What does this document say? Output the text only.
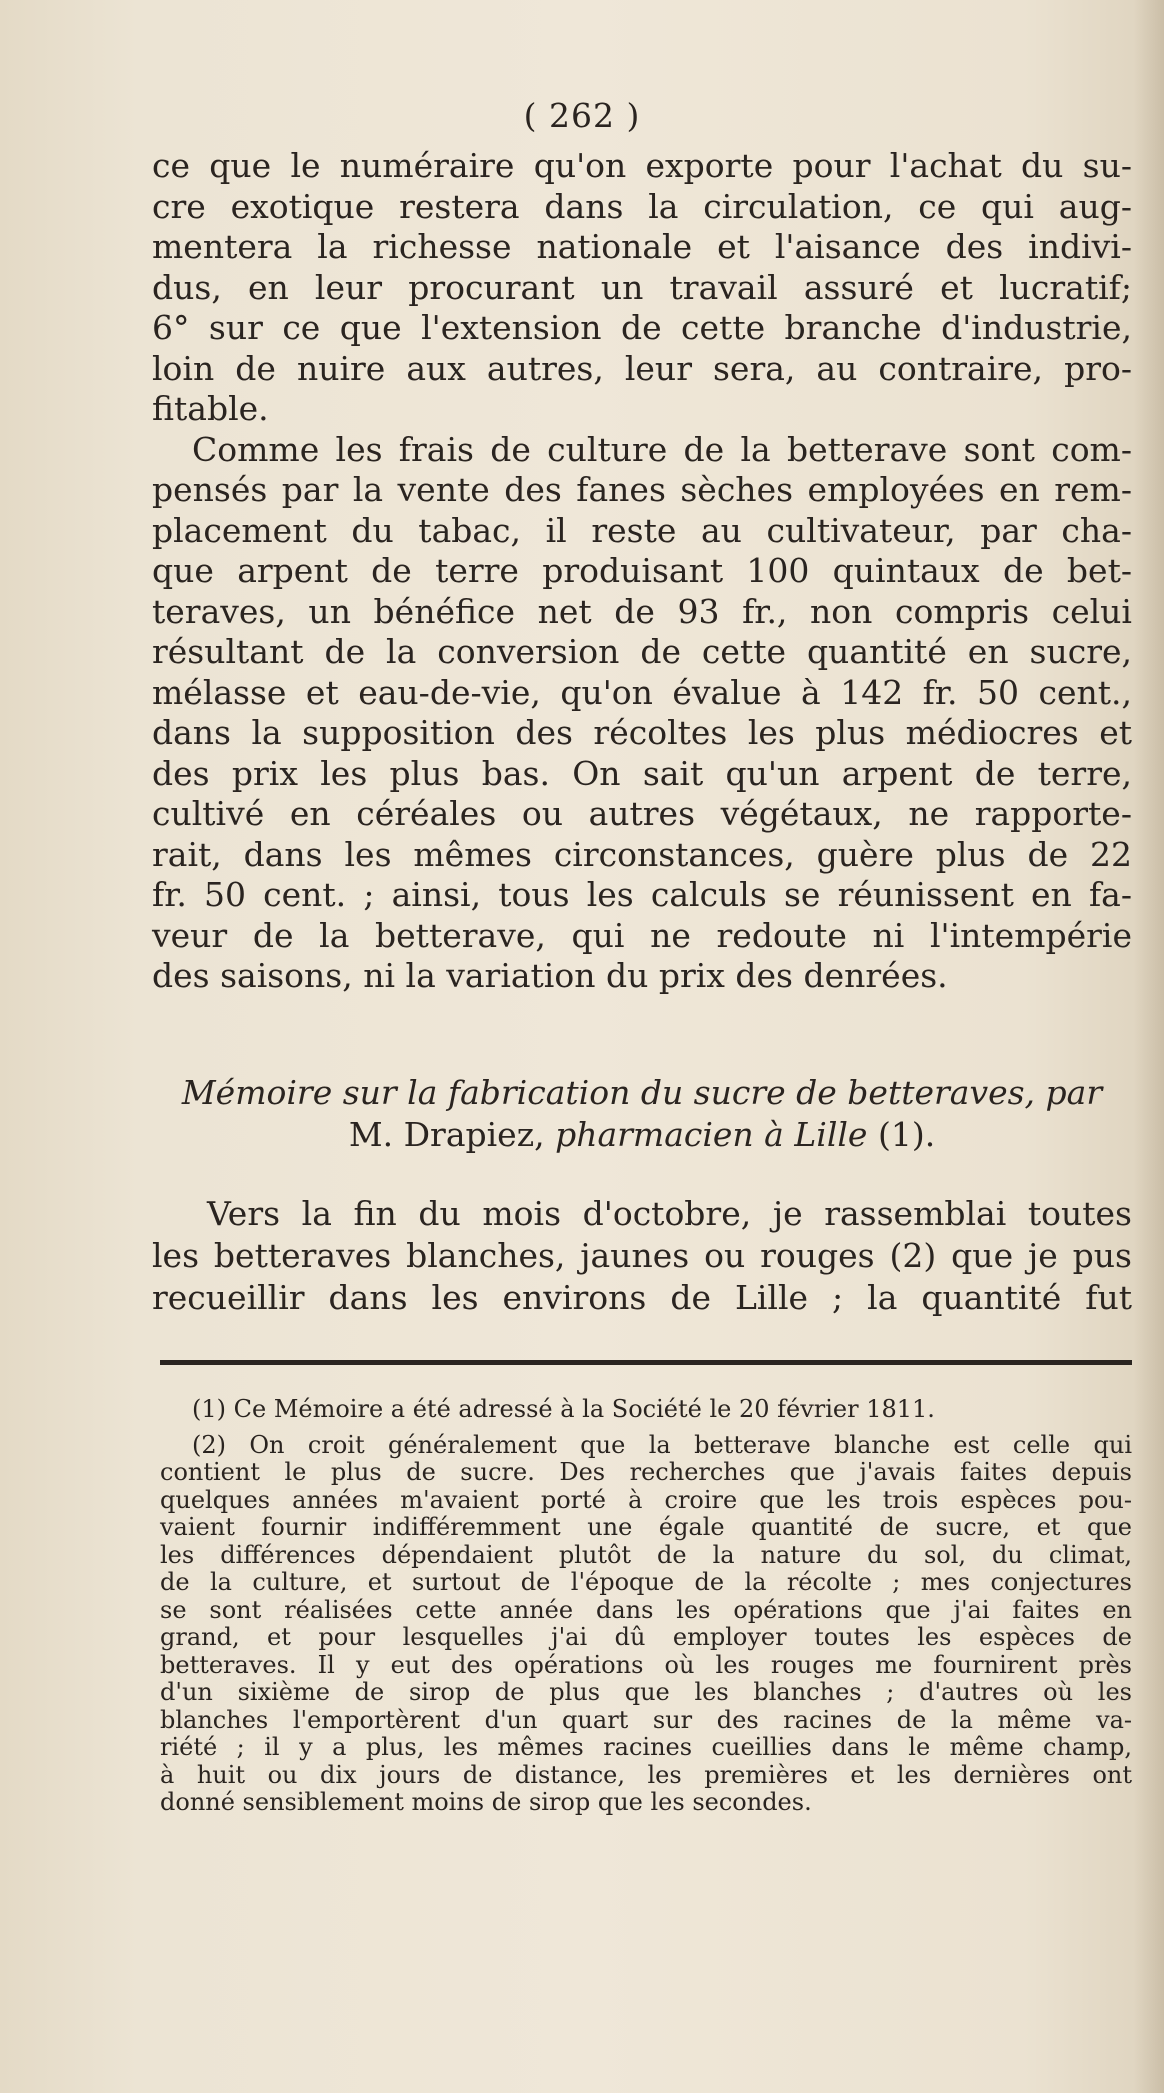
( 262 )
ce que le numéraire qu'on exporte pour l'achat du su-
cre exotique restera dans la circulation, ce qui aug-
mentera la richesse nationale et l'aisance des indivi-
dus, en leur procurant un travail assuré et lucratif;
6° sur ce que l'extension de cette branche d'industrie,
loin de nuire aux autres, leur sera, au contraire, pro-
fitable.
Comme les frais de culture de la betterave sont com-
pensés par la vente des fanes sèches employées en rem-
placement du tabac, il reste au cultivateur, par cha-
que arpent de terre produisant 100 quintaux de bet-
teraves, un bénéfice net de 93 fr., non compris celui
résultant de la conversion de cette quantité en sucre,
mélasse et eau-de-vie, qu'on évalue à 142 fr. 50 cent.,
dans la supposition des récoltes les plus médiocres et
des prix les plus bas. On sait qu'un arpent de terre,
cultivé en céréales ou autres végétaux, ne rapporte-
rait, dans les mêmes circonstances, guère plus de 22
fr. 50 cent. ; ainsi, tous les calculs se réunissent en fa-
veur de la betterave, qui ne redoute ni l'intempérie
des saisons, ni la variation du prix des denrées.
Mémoire sur la fabrication du sucre de betteraves, par
M. Drapiez, pharmacien à Lille (1).
Vers la fin du mois d'octobre, je rassemblai toutes
les betteraves blanches, jaunes ou rouges (2) que je pus
recueillir dans les environs de Lille ; la quantité fut
(1) Ce Mémoire a été adressé à la Société le 20 février 1811.
(2) On croit généralement que la betterave blanche est celle qui
contient le plus de sucre. Des recherches que j'avais faites depuis
quelques années m'avaient porté à croire que les trois espèces pou-
vaient fournir indifféremment une égale quantité de sucre, et que
les différences dépendaient plutôt de la nature du sol, du climat,
de la culture, et surtout de l'époque de la récolte ; mes conjectures
se sont réalisées cette année dans les opérations que j'ai faites en
grand, et pour lesquelles j'ai dû employer toutes les espèces de
betteraves. Il y eut des opérations où les rouges me fournirent près
d'un sixième de sirop de plus que les blanches ; d'autres où les
blanches l'emportèrent d'un quart sur des racines de la même va-
riété ; il y a plus, les mêmes racines cueillies dans le même champ,
à huit ou dix jours de distance, les premières et les dernières ont
donné sensiblement moins de sirop que les secondes.
